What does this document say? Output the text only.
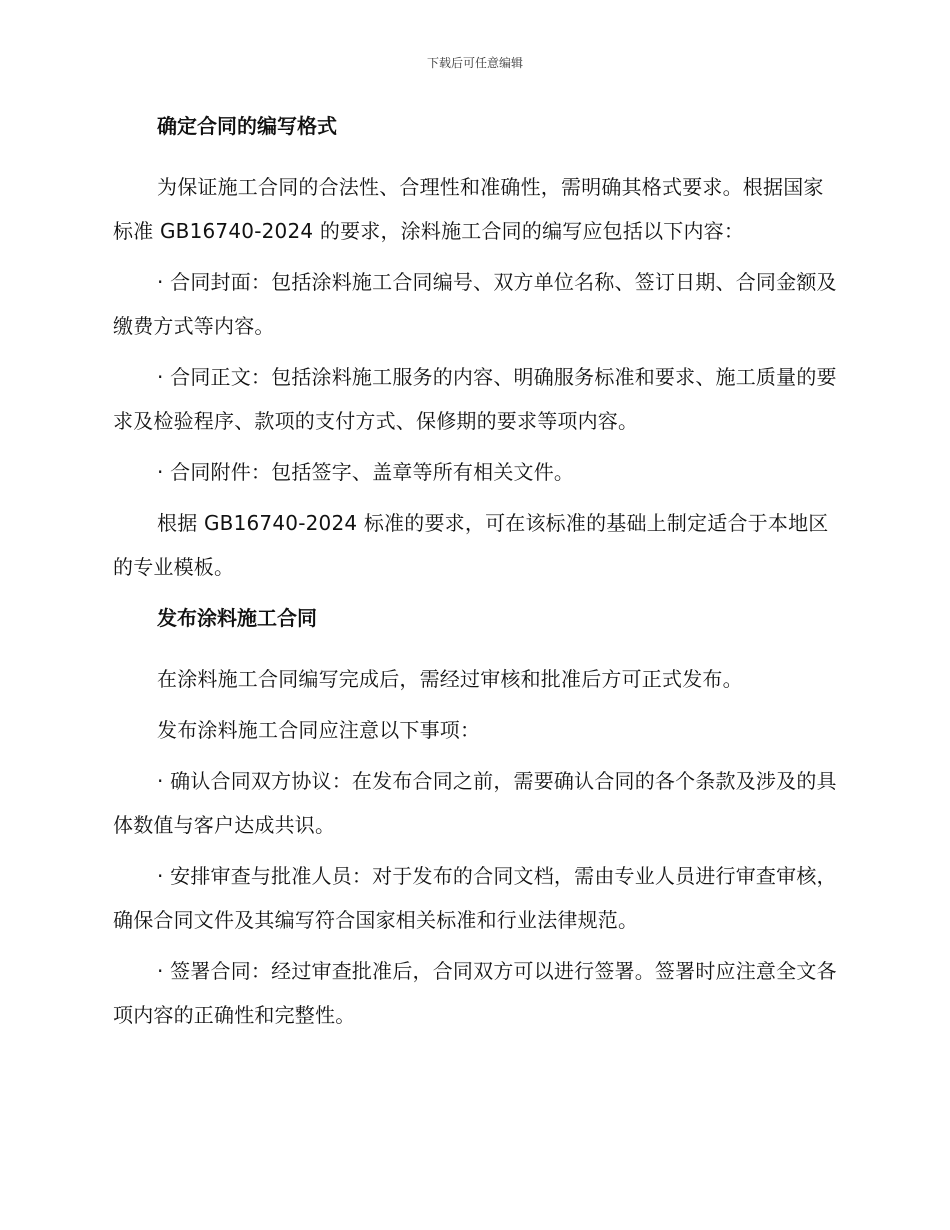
下载后可任意编辑
确定合同的编写格式

为保证施工合同的合法性、合理性和准确性，需明确其格式要求。根据国家标准 GB16740-2024 的要求，涂料施工合同的编写应包括以下内容：

· 合同封面：包括涂料施工合同编号、双方单位名称、签订日期、合同金额及缴费方式等内容。

· 合同正文：包括涂料施工服务的内容、明确服务标准和要求、施工质量的要求及检验程序、款项的支付方式、保修期的要求等项内容。

· 合同附件：包括签字、盖章等所有相关文件。

根据 GB16740-2024 标准的要求，可在该标准的基础上制定适合于本地区的专业模板。

发布涂料施工合同

在涂料施工合同编写完成后，需经过审核和批准后方可正式发布。

发布涂料施工合同应注意以下事项：

· 确认合同双方协议：在发布合同之前，需要确认合同的各个条款及涉及的具体数值与客户达成共识。

· 安排审查与批准人员：对于发布的合同文档，需由专业人员进行审查审核，确保合同文件及其编写符合国家相关标准和行业法律规范。

· 签署合同：经过审查批准后，合同双方可以进行签署。签署时应注意全文各项内容的正确性和完整性。
